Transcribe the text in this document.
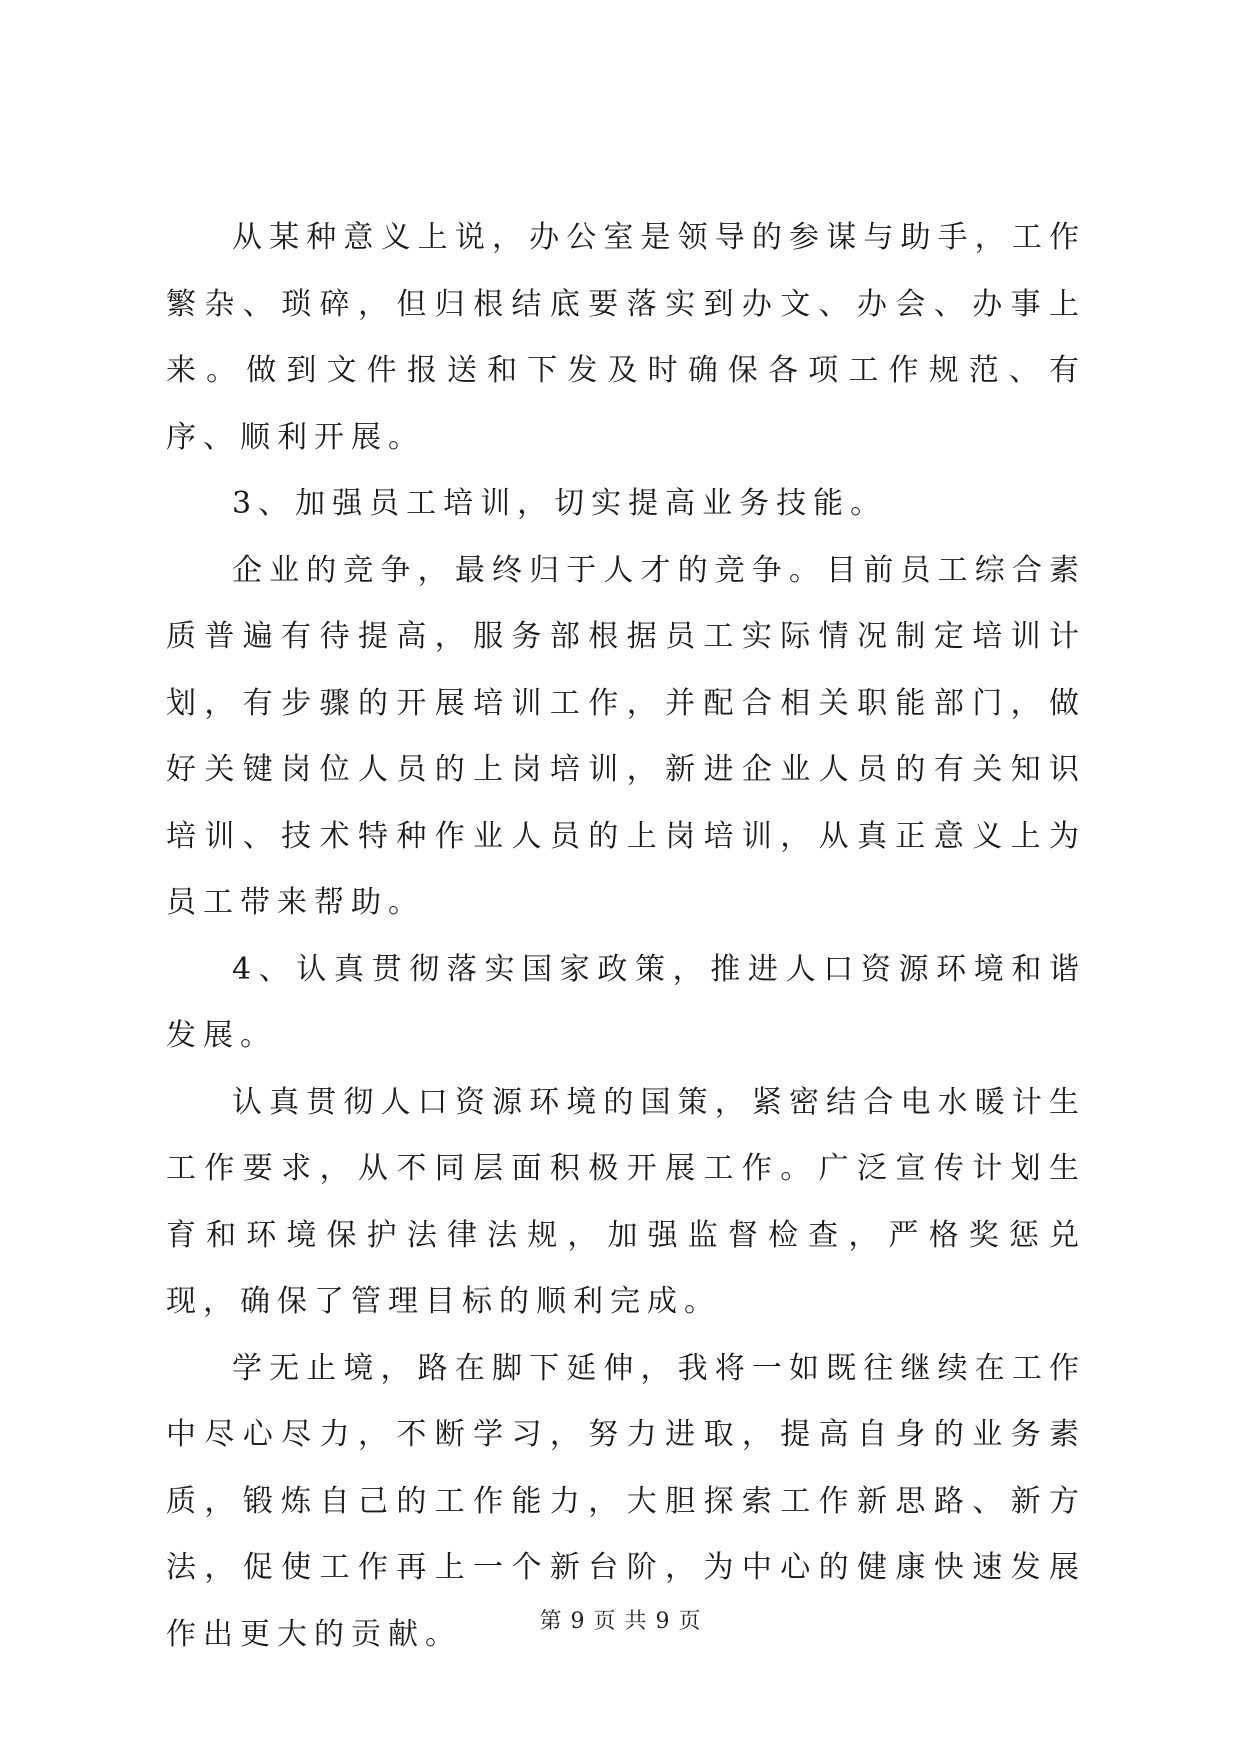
从某种意义上说，办公室是领导的参谋与助手，工作繁杂、琐碎，但归根结底要落实到办文、办会、办事上来。做到文件报送和下发及时确保各项工作规范、有序、顺利开展。

3、加强员工培训，切实提高业务技能。

企业的竞争，最终归于人才的竞争。目前员工综合素质普遍有待提高，服务部根据员工实际情况制定培训计划，有步骤的开展培训工作，并配合相关职能部门，做好关键岗位人员的上岗培训，新进企业人员的有关知识培训、技术特种作业人员的上岗培训，从真正意义上为员工带来帮助。

4、认真贯彻落实国家政策，推进人口资源环境和谐发展。

认真贯彻人口资源环境的国策，紧密结合电水暖计生工作要求，从不同层面积极开展工作。广泛宣传计划生育和环境保护法律法规，加强监督检查，严格奖惩兑现，确保了管理目标的顺利完成。

学无止境，路在脚下延伸，我将一如既往继续在工作中尽心尽力，不断学习，努力进取，提高自身的业务素质，锻炼自己的工作能力，大胆探索工作新思路、新方法，促使工作再上一个新台阶，为中心的健康快速发展作出更大的贡献。	第 9 页 共 9 页
